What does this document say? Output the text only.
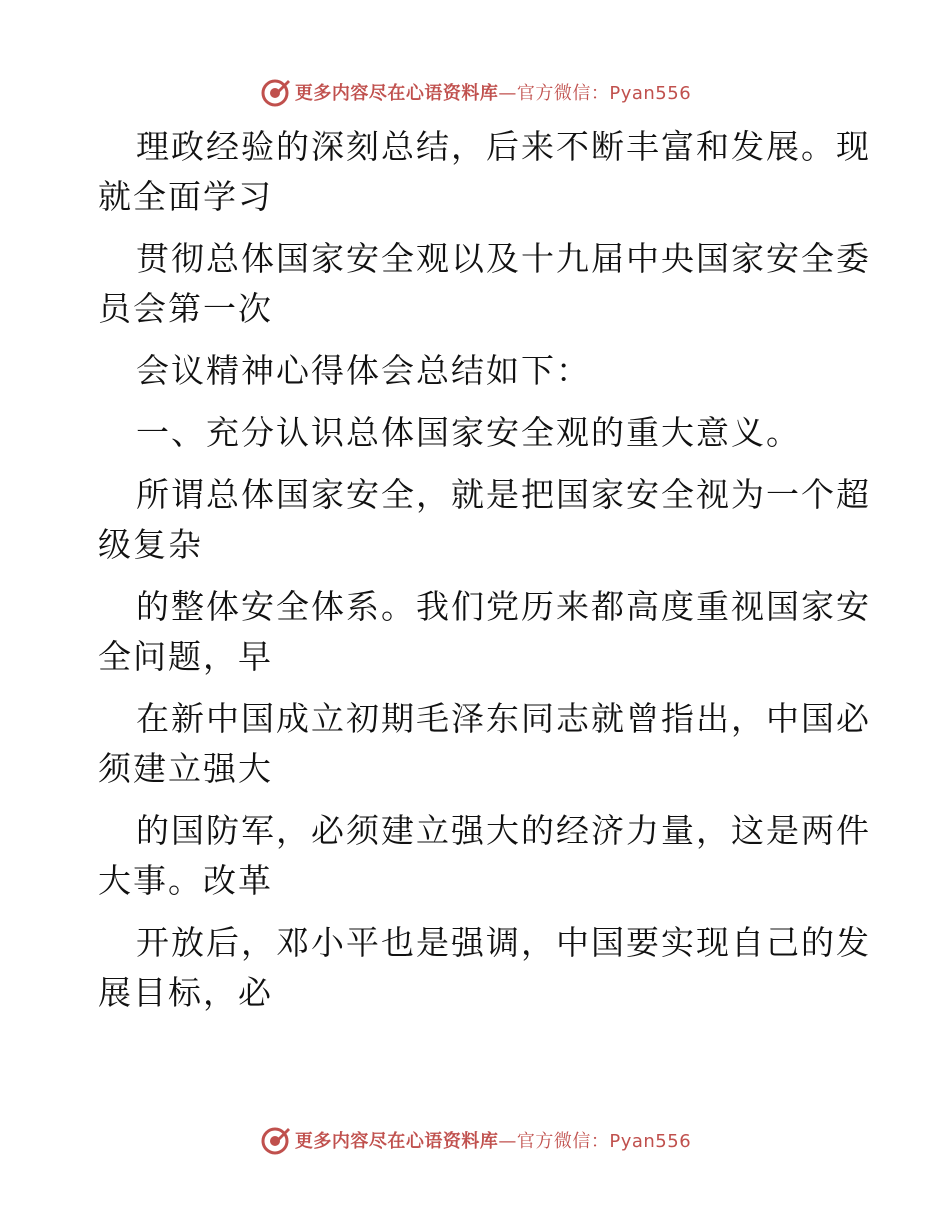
更多内容尽在心语资料库—官方微信：Pyan556
理政经验的深刻总结，后来不断丰富和发展。现
就全面学习
贯彻总体国家安全观以及十九届中央国家安全委
员会第一次
会议精神心得体会总结如下：
一、充分认识总体国家安全观的重大意义。
所谓总体国家安全，就是把国家安全视为一个超
级复杂
的整体安全体系。我们党历来都高度重视国家安
全问题，早
在新中国成立初期毛泽东同志就曾指出，中国必
须建立强大
的国防军，必须建立强大的经济力量，这是两件
大事。改革
开放后，邓小平也是强调，中国要实现自己的发
展目标，必
更多内容尽在心语资料库—官方微信：Pyan556
